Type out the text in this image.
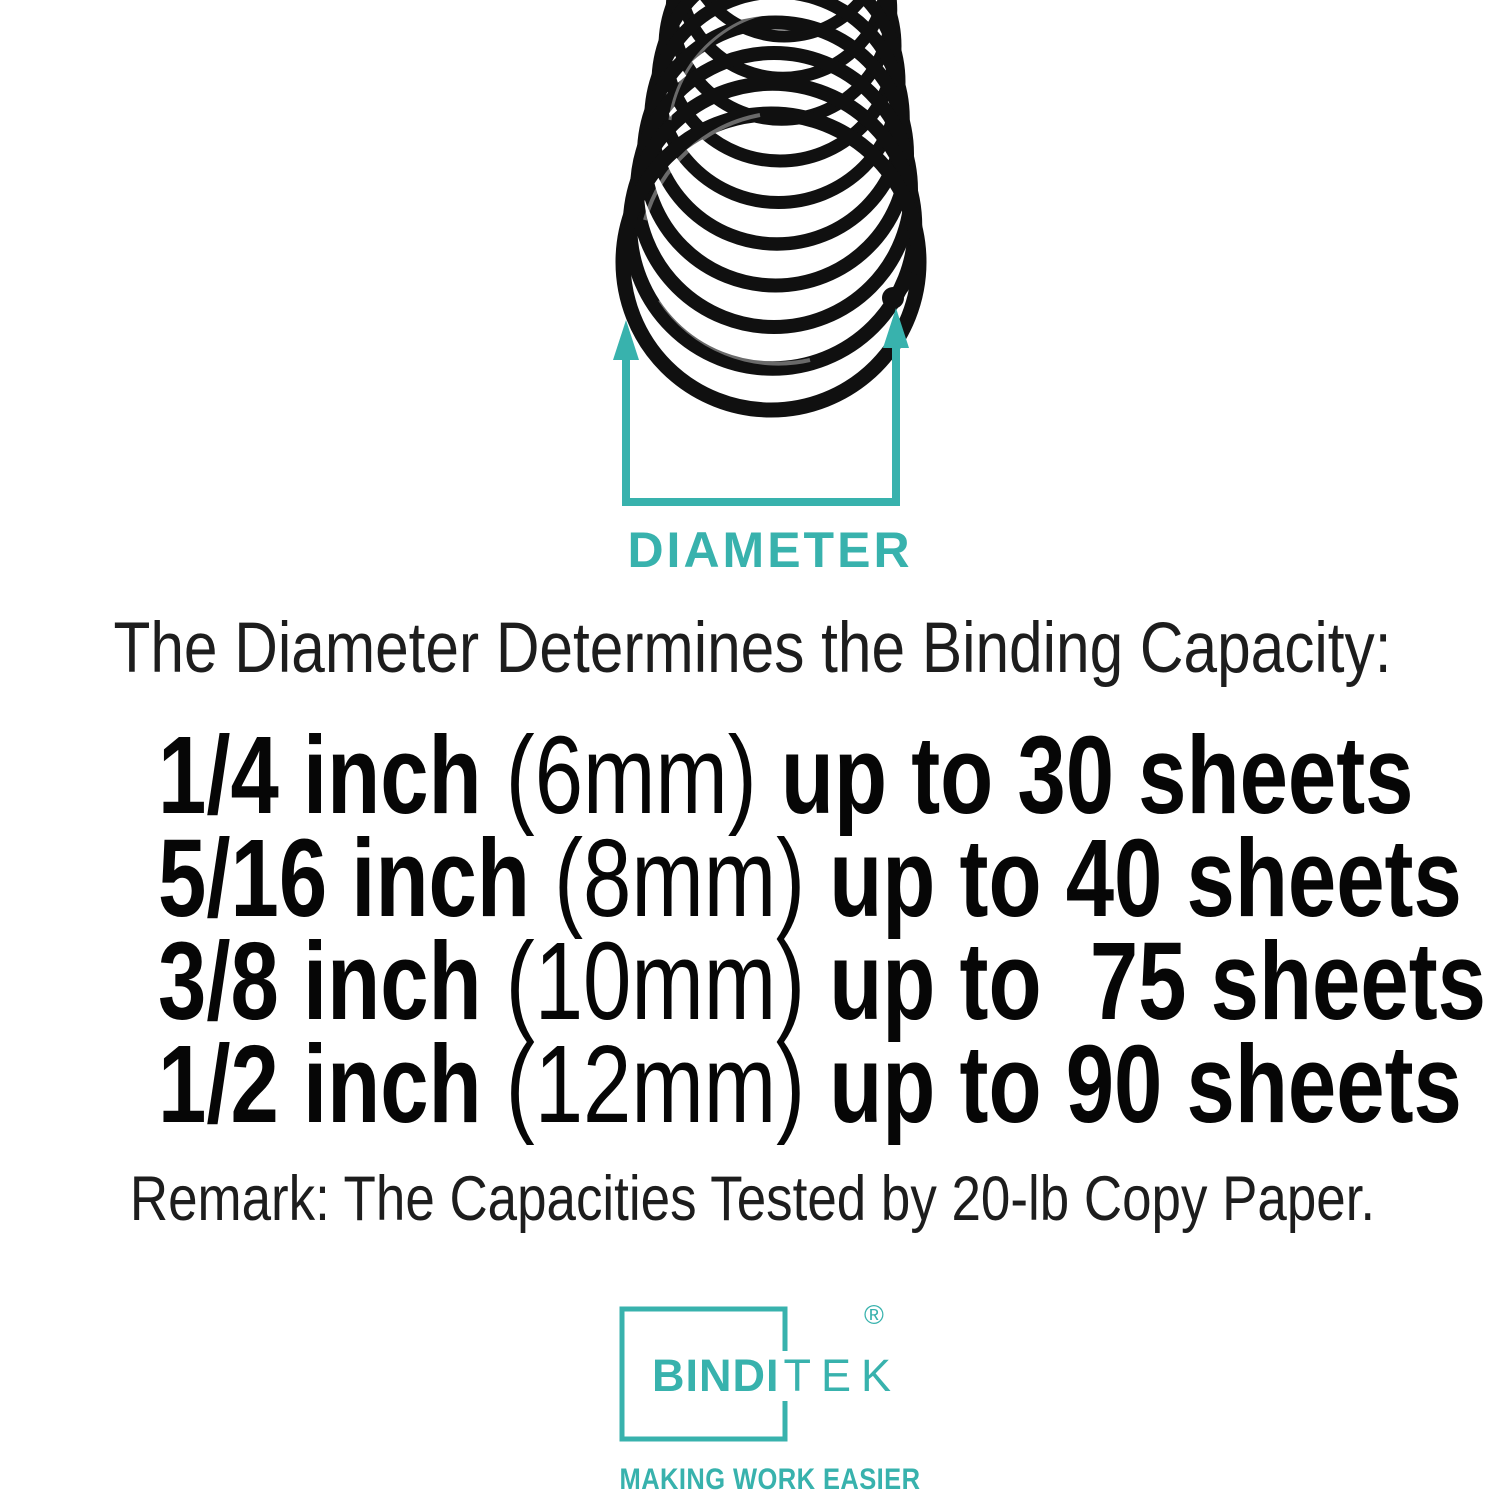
DIAMETER
The Diameter Determines the Binding Capacity:
1/4 inch (6mm) up to 30 sheets
5/16 inch (8mm) up to 40 sheets
3/8 inch (10mm) up to  75 sheets
1/2 inch (12mm) up to 90 sheets
Remark: The Capacities Tested by 20-lb Copy Paper.
BINDITEK
®
MAKING WORK EASIER
